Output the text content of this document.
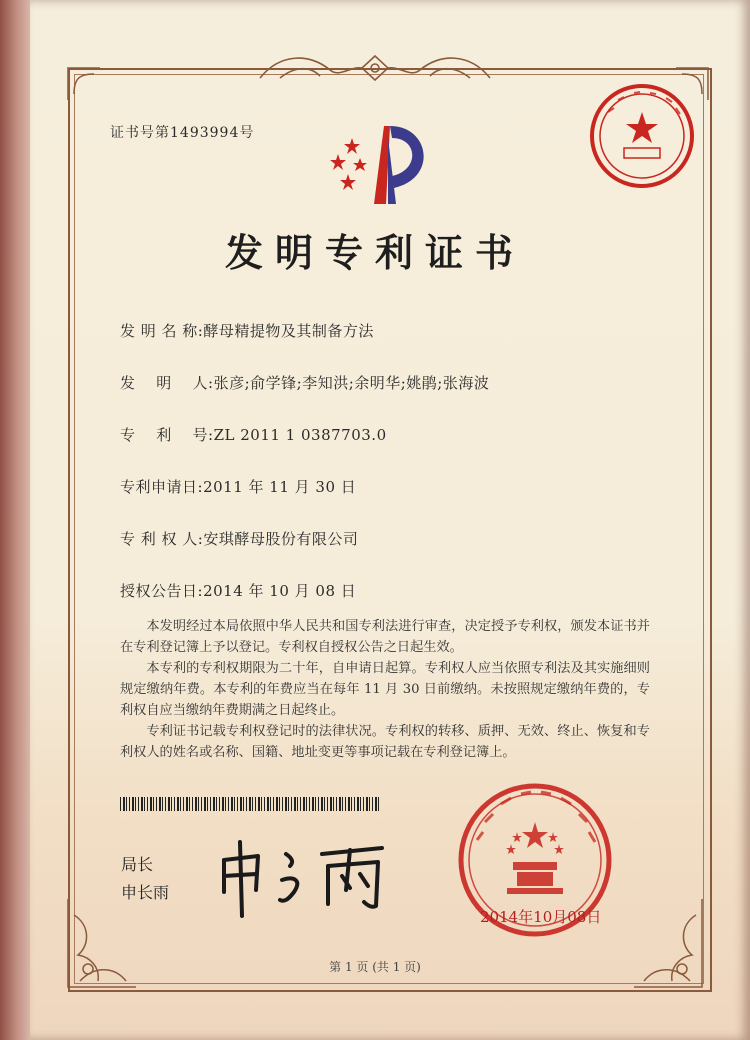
证书号第1493994号
发明专利证书
发 明 名 称:酵母精提物及其制备方法
发　 明　 人:张彦;俞学锋;李知洪;余明华;姚鹃;张海波
专　 利　 号:ZL 2011 1 0387703.0
专利申请日:2011 年 11 月 30 日
专 利 权 人:安琪酵母股份有限公司
授权公告日:2014 年 10 月 08 日

本发明经过本局依照中华人民共和国专利法进行审查，决定授予专利权，颁发本证书并在专利登记簿上予以登记。专利权自授权公告之日起生效。

本专利的专利权期限为二十年，自申请日起算。专利权人应当依照专利法及其实施细则规定缴纳年费。本专利的年费应当在每年 11 月 30 日前缴纳。未按照规定缴纳年费的，专利权自应当缴纳年费期满之日起终止。

专利证书记载专利权登记时的法律状况。专利权的转移、质押、无效、终止、恢复和专利权人的姓名或名称、国籍、地址变更等事项记载在专利登记簿上。

局长
申长雨
2014年10月08日
第 1 页 (共 1 页)
